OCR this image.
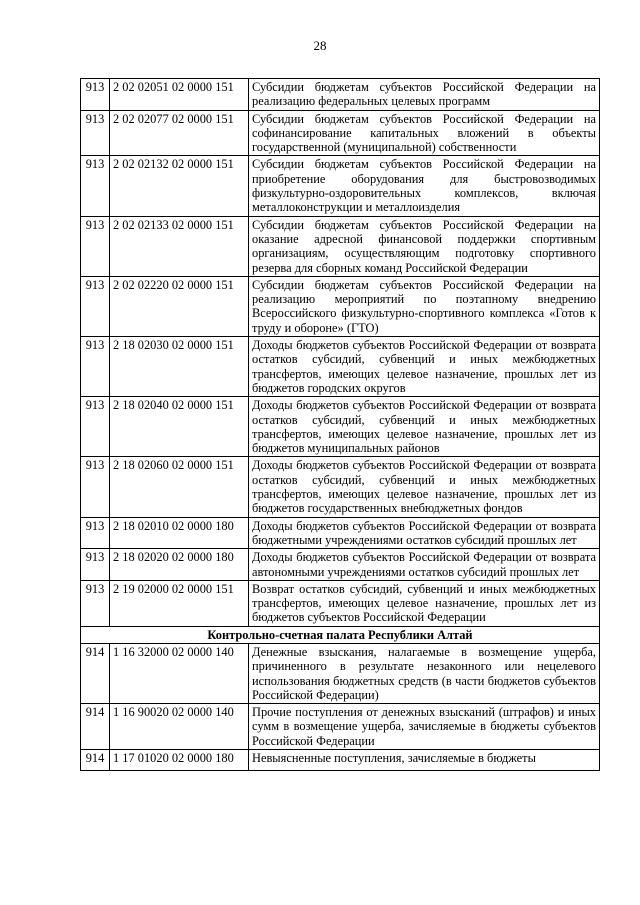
28
913	2 02 02051 02 0000 151	Субсидии бюджетам субъектов Российской Федерации на реализацию федеральных целевых программ
913	2 02 02077 02 0000 151	Субсидии бюджетам субъектов Российской Федерации на софинансирование капитальных вложений в объекты государственной (муниципальной) собственности
913	2 02 02132 02 0000 151	Субсидии бюджетам субъектов Российской Федерации на приобретение оборудования для быстровозводимых физкультурно-оздоровительных комплексов, включая металлоконструкции и металлоизделия
913	2 02 02133 02 0000 151	Субсидии бюджетам субъектов Российской Федерации на оказание адресной финансовой поддержки спортивным организациям, осуществляющим подготовку спортивного резерва для сборных команд Российской Федерации
913	2 02 02220 02 0000 151	Субсидии бюджетам субъектов Российской Федерации на реализацию мероприятий по поэтапному внедрению Всероссийского физкультурно-спортивного комплекса «Готов к труду и обороне» (ГТО)
913	2 18 02030 02 0000 151	Доходы бюджетов субъектов Российской Федерации от возврата остатков субсидий, субвенций и иных межбюджетных трансфертов, имеющих целевое назначение, прошлых лет из бюджетов городских округов
913	2 18 02040 02 0000 151	Доходы бюджетов субъектов Российской Федерации от возврата остатков субсидий, субвенций и иных межбюджетных трансфертов, имеющих целевое назначение, прошлых лет из бюджетов муниципальных районов
913	2 18 02060 02 0000 151	Доходы бюджетов субъектов Российской Федерации от возврата остатков субсидий, субвенций и иных межбюджетных трансфертов, имеющих целевое назначение, прошлых лет из бюджетов государственных внебюджетных фондов
913	2 18 02010 02 0000 180	Доходы бюджетов субъектов Российской Федерации от возврата бюджетными учреждениями остатков субсидий прошлых лет
913	2 18 02020 02 0000 180	Доходы бюджетов субъектов Российской Федерации от возврата автономными учреждениями остатков субсидий прошлых лет
913	2 19 02000 02 0000 151	Возврат остатков субсидий, субвенций и иных межбюджетных трансфертов, имеющих целевое назначение, прошлых лет из бюджетов субъектов Российской Федерации
Контрольно-счетная палата Республики Алтай		
914	1 16 32000 02 0000 140	Денежные взыскания, налагаемые в возмещение ущерба, причиненного в результате незаконного или нецелевого использования бюджетных средств (в части бюджетов субъектов Российской Федерации)
914	1 16 90020 02 0000 140	Прочие поступления от денежных взысканий (штрафов) и иных сумм в возмещение ущерба, зачисляемые в бюджеты субъектов Российской Федерации

914	1 17 01020 02 0000 180	Невыясненные поступления, зачисляемые в бюджеты
